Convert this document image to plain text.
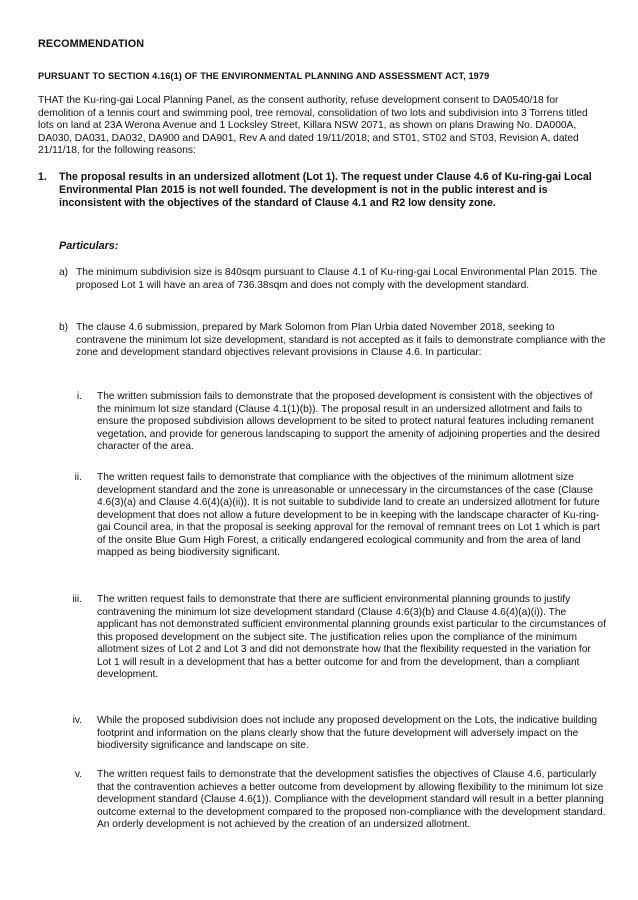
RECOMMENDATION
PURSUANT TO SECTION 4.16(1) OF THE ENVIRONMENTAL PLANNING AND ASSESSMENT ACT, 1979

THAT the Ku-ring-gai Local Planning Panel, as the consent authority, refuse development consent to DA0540/18 for demolition of a tennis court and swimming pool, tree removal, consolidation of two lots and subdivision into 3 Torrens titled lots on land at 23A Werona Avenue and 1 Locksley Street, Killara NSW 2071, as shown on plans Drawing No. DA000A, DA030, DA031, DA032, DA900 and DA901, Rev A and dated 19/11/2018; and ST01, ST02 and ST03, Revision A, dated 21/11/18, for the following reasons:

1. The proposal results in an undersized allotment (Lot 1). The request under Clause 4.6 of Ku-ring-gai Local Environmental Plan 2015 is not well founded. The development is not in the public interest and is inconsistent with the objectives of the standard of Clause 4.1 and R2 low density zone.

Particulars:
a) The minimum subdivision size is 840sqm pursuant to Clause 4.1 of Ku-ring-gai Local Environmental Plan 2015. The proposed Lot 1 will have an area of 736.38sqm and does not comply with the development standard.

b) The clause 4.6 submission, prepared by Mark Solomon from Plan Urbia dated November 2018, seeking to contravene the minimum lot size development, standard is not accepted as it fails to demonstrate compliance with the zone and development standard objectives relevant provisions in Clause 4.6. In particular:

i. The written submission fails to demonstrate that the proposed development is consistent with the objectives of the minimum lot size standard (Clause 4.1(1)(b)). The proposal result in an undersized allotment and fails to ensure the proposed subdivision allows development to be sited to protect natural features including remanent vegetation, and provide for generous landscaping to support the amenity of adjoining properties and the desired character of the area.

ii. The written request fails to demonstrate that compliance with the objectives of the minimum allotment size development standard and the zone is unreasonable or unnecessary in the circumstances of the case (Clause 4.6(3)(a) and Clause 4.6(4)(a)(ii)). It is not suitable to subdivide land to create an undersized allotment for future development that does not allow a future development to be in keeping with the landscape character of Ku-ring-gai Council area, in that the proposal is seeking approval for the removal of remnant trees on Lot 1 which is part of the onsite Blue Gum High Forest, a critically endangered ecological community and from the area of land mapped as being biodiversity significant.

iii. The written request fails to demonstrate that there are sufficient environmental planning grounds to justify contravening the minimum lot size development standard (Clause 4.6(3)(b) and Clause 4.6(4)(a)(i)). The applicant has not demonstrated sufficient environmental planning grounds exist particular to the circumstances of this proposed development on the subject site. The justification relies upon the compliance of the minimum allotment sizes of Lot 2 and Lot 3 and did not demonstrate how that the flexibility requested in the variation for Lot 1 will result in a development that has a better outcome for and from the development, than a compliant development.

iv. While the proposed subdivision does not include any proposed development on the Lots, the indicative building footprint and information on the plans clearly show that the future development will adversely impact on the biodiversity significance and landscape on site.

v. The written request fails to demonstrate that the development satisfies the objectives of Clause 4.6, particularly that the contravention achieves a better outcome from development by allowing flexibility to the minimum lot size development standard (Clause 4.6(1)). Compliance with the development standard will result in a better planning outcome external to the development compared to the proposed non-compliance with the development standard. An orderly development is not achieved by the creation of an undersized allotment.
